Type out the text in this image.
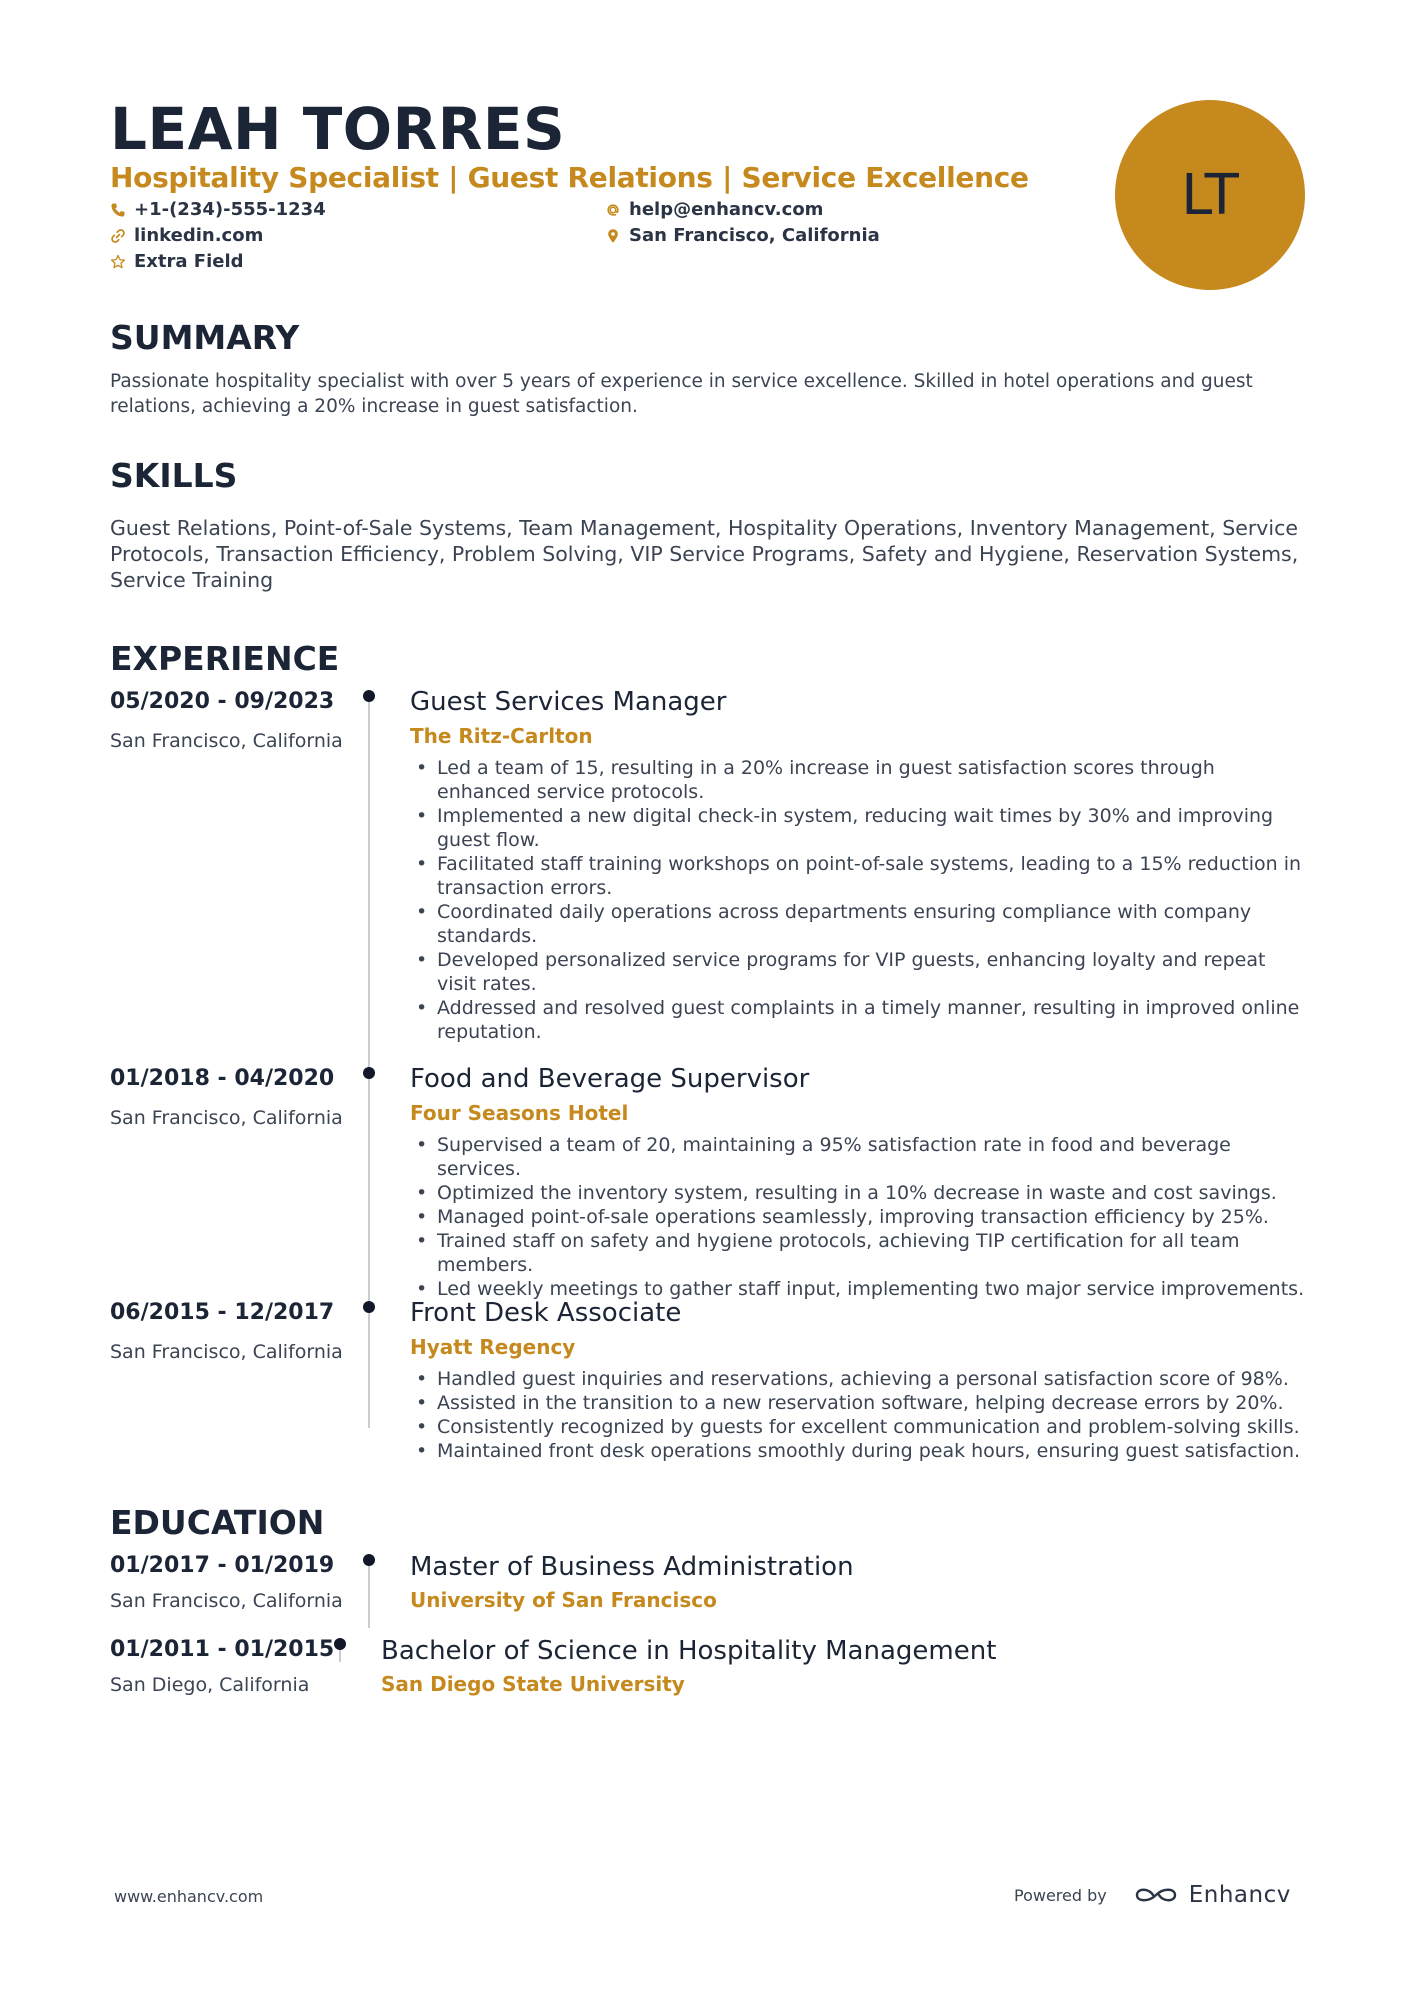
LEAH TORRES
Hospitality Specialist | Guest Relations | Service Excellence
+1-(234)-555-1234	help@enhancv.com
linkedin.com	San Francisco, California
Extra Field
LT
SUMMARY
Passionate hospitality specialist with over 5 years of experience in service excellence. Skilled in hotel operations and guest relations, achieving a 20% increase in guest satisfaction.
SKILLS
Guest Relations, Point-of-Sale Systems, Team Management, Hospitality Operations, Inventory Management, Service Protocols, Transaction Efficiency, Problem Solving, VIP Service Programs, Safety and Hygiene, Reservation Systems, Service Training
EXPERIENCE
05/2020 - 09/2023
San Francisco, California
Guest Services Manager
The Ritz-Carlton
• Led a team of 15, resulting in a 20% increase in guest satisfaction scores through enhanced service protocols.
• Implemented a new digital check-in system, reducing wait times by 30% and improving guest flow.
• Facilitated staff training workshops on point-of-sale systems, leading to a 15% reduction in transaction errors.
• Coordinated daily operations across departments ensuring compliance with company standards.
• Developed personalized service programs for VIP guests, enhancing loyalty and repeat visit rates.
• Addressed and resolved guest complaints in a timely manner, resulting in improved online reputation.
01/2018 - 04/2020
San Francisco, California
Food and Beverage Supervisor
Four Seasons Hotel
• Supervised a team of 20, maintaining a 95% satisfaction rate in food and beverage services.
• Optimized the inventory system, resulting in a 10% decrease in waste and cost savings.
• Managed point-of-sale operations seamlessly, improving transaction efficiency by 25%.
• Trained staff on safety and hygiene protocols, achieving TIP certification for all team members.
• Led weekly meetings to gather staff input, implementing two major service improvements.
06/2015 - 12/2017
San Francisco, California
Front Desk Associate
Hyatt Regency
• Handled guest inquiries and reservations, achieving a personal satisfaction score of 98%.
• Assisted in the transition to a new reservation software, helping decrease errors by 20%.
• Consistently recognized by guests for excellent communication and problem-solving skills.
• Maintained front desk operations smoothly during peak hours, ensuring guest satisfaction.
EDUCATION
01/2017 - 01/2019
San Francisco, California
Master of Business Administration
University of San Francisco
01/2011 - 01/2015
San Diego, California
Bachelor of Science in Hospitality Management
San Diego State University
www.enhancv.com	Powered by	Enhancv
